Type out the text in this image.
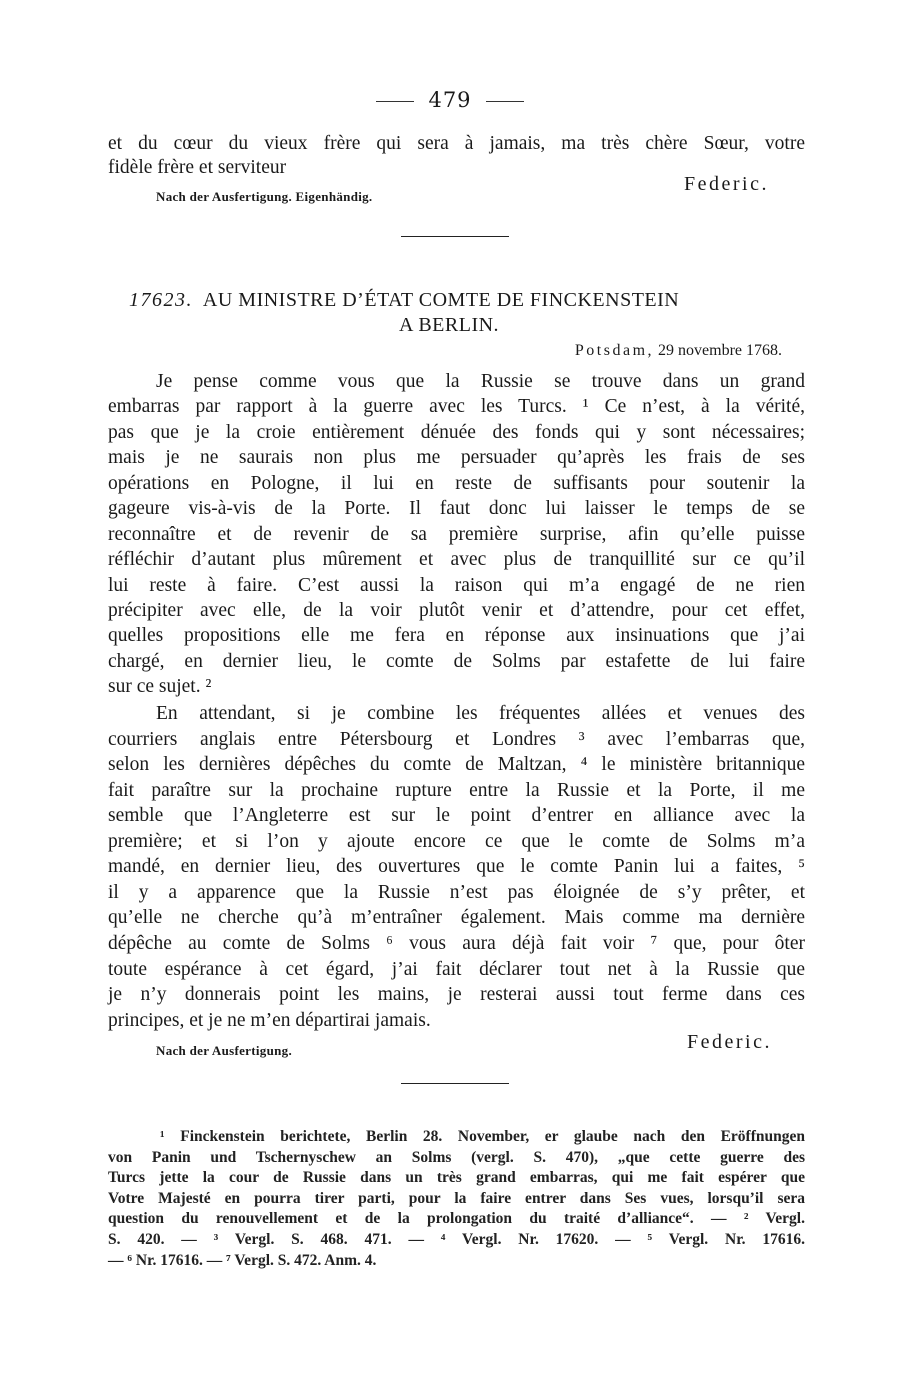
479
et du cœur du vieux frère qui sera à jamais, ma très chère Sœur, votre
fidèle frère et serviteur
Nach der Ausfertigung. Eigenhändig.
Federic.
17623. AU MINISTRE D’ÉTAT COMTE DE FINCKENSTEIN
A BERLIN.
Potsdam, 29 novembre 1768.
Je pense comme vous que la Russie se trouve dans un grand
embarras par rapport à la guerre avec les Turcs. ¹ Ce n’est, à la vérité,
pas que je la croie entièrement dénuée des fonds qui y sont nécessaires;
mais je ne saurais non plus me persuader qu’après les frais de ses
opérations en Pologne, il lui en reste de suffisants pour soutenir la
gageure vis-à-vis de la Porte. Il faut donc lui laisser le temps de se
reconnaître et de revenir de sa première surprise, afin qu’elle puisse
réfléchir d’autant plus mûrement et avec plus de tranquillité sur ce qu’il
lui reste à faire. C’est aussi la raison qui m’a engagé de ne rien
précipiter avec elle, de la voir plutôt venir et d’attendre, pour cet effet,
quelles propositions elle me fera en réponse aux insinuations que j’ai
chargé, en dernier lieu, le comte de Solms par estafette de lui faire
sur ce sujet. ²
En attendant, si je combine les fréquentes allées et venues des
courriers anglais entre Pétersbourg et Londres ³ avec l’embarras que,
selon les dernières dépêches du comte de Maltzan, ⁴ le ministère britannique
fait paraître sur la prochaine rupture entre la Russie et la Porte, il me
semble que l’Angleterre est sur le point d’entrer en alliance avec la
première; et si l’on y ajoute encore ce que le comte de Solms m’a
mandé, en dernier lieu, des ouvertures que le comte Panin lui a faites, ⁵
il y a apparence que la Russie n’est pas éloignée de s’y prêter, et
qu’elle ne cherche qu’à m’entraîner également. Mais comme ma dernière
dépêche au comte de Solms ⁶ vous aura déjà fait voir ⁷ que, pour ôter
toute espérance à cet égard, j’ai fait déclarer tout net à la Russie que
je n’y donnerais point les mains, je resterai aussi tout ferme dans ces
principes, et je ne m’en départirai jamais.
Nach der Ausfertigung.	Federic.
¹ Finckenstein berichtete, Berlin 28. November, er glaube nach den Eröffnungen
von Panin und Tschernyschew an Solms (vergl. S. 470), „que cette guerre des
Turcs jette la cour de Russie dans un très grand embarras, qui me fait espérer que
Votre Majesté en pourra tirer parti, pour la faire entrer dans Ses vues, lorsqu’il sera
question du renouvellement et de la prolongation du traité d’alliance“. — ² Vergl.
S. 420. — ³ Vergl. S. 468. 471. — ⁴ Vergl. Nr. 17620. — ⁵ Vergl. Nr. 17616.
— ⁶ Nr. 17616. — ⁷ Vergl. S. 472. Anm. 4.
